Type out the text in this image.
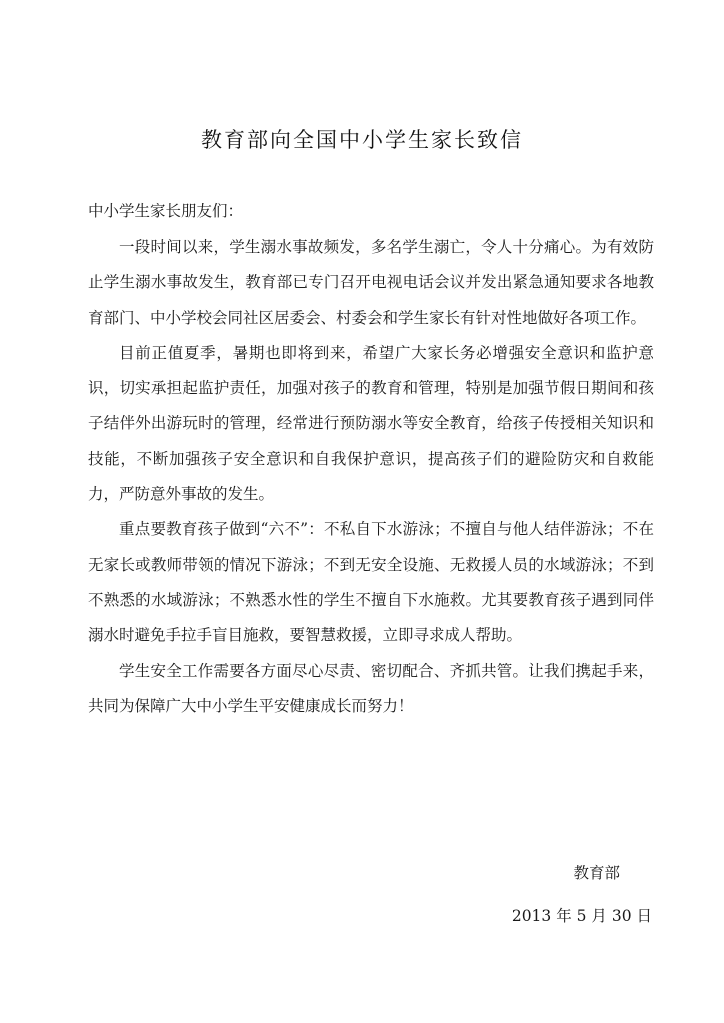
教育部向全国中小学生家长致信
中小学生家长朋友们：

一段时间以来，学生溺水事故频发，多名学生溺亡，令人十分痛心。为有效防止学生溺水事故发生，教育部已专门召开电视电话会议并发出紧急通知要求各地教育部门、中小学校会同社区居委会、村委会和学生家长有针对性地做好各项工作。

目前正值夏季，暑期也即将到来，希望广大家长务必增强安全意识和监护意识，切实承担起监护责任，加强对孩子的教育和管理，特别是加强节假日期间和孩子结伴外出游玩时的管理，经常进行预防溺水等安全教育，给孩子传授相关知识和技能，不断加强孩子安全意识和自我保护意识，提高孩子们的避险防灾和自救能力，严防意外事故的发生。

重点要教育孩子做到“六不”：不私自下水游泳；不擅自与他人结伴游泳；不在无家长或教师带领的情况下游泳；不到无安全设施、无救援人员的水域游泳；不到不熟悉的水域游泳；不熟悉水性的学生不擅自下水施救。尤其要教育孩子遇到同伴溺水时避免手拉手盲目施救，要智慧救援，立即寻求成人帮助。

学生安全工作需要各方面尽心尽责、密切配合、齐抓共管。让我们携起手来，共同为保障广大中小学生平安健康成长而努力！

教育部
2013 年 5 月 30 日
